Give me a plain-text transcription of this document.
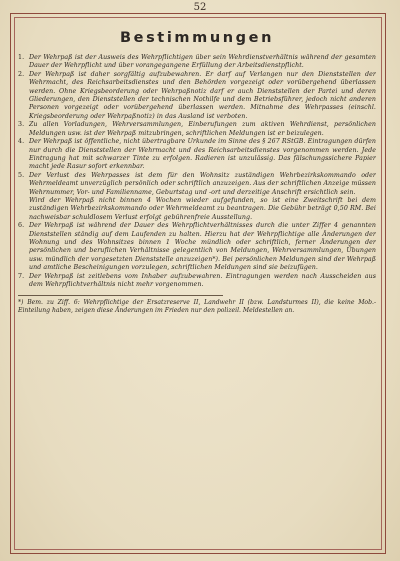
52
Bestimmungen
1. Der Wehrpaß ist der Ausweis des Wehrpflichtigen über sein Wehrdienstverhältnis während der gesamten Dauer der Wehrpflicht und über vorangegangene Erfüllung der Arbeitsdienstpflicht.

2. Der Wehrpaß ist daher sorgfältig aufzubewahren. Er darf auf Verlangen nur den Dienststellen der Wehrmacht, des Reichsarbeitsdienstes und den Behörden vorgezeigt oder vorübergehend überlassen werden. Ohne Kriegsbeorderung oder Wehrpaßnotiz darf er auch Dienststellen der Partei und deren Gliederungen, den Dienststellen der technischen Nothilfe und dem Betriebsführer, jedoch nicht anderen Personen vorgezeigt oder vorübergehend überlassen werden. Mitnahme des Wehrpasses (einschl. Kriegsbeorderung oder Wehrpaßnotiz) in das Ausland ist verboten.

3. Zu allen Vorladungen, Wehrversammlungen, Einberufungen zum aktiven Wehrdienst, persönlichen Meldungen usw. ist der Wehrpaß mitzubringen, schriftlichen Meldungen ist er beizulegen.

4. Der Wehrpaß ist öffentliche, nicht übertragbare Urkunde im Sinne des § 267 RStGB. Eintragungen dürfen nur durch die Dienststellen der Wehrmacht und des Reichsarbeitsdienstes vorgenommen werden. Jede Eintragung hat mit schwarzer Tinte zu erfolgen. Radieren ist unzulässig. Das fälschungssichere Papier macht jede Rasur sofort erkennbar.

5. Der Verlust des Wehrpasses ist dem für den Wohnsitz zuständigen Wehrbezirkskommando oder Wehrmeldeamt unverzüglich persönlich oder schriftlich anzuzeigen. Aus der schriftlichen Anzeige müssen Wehrnummer, Vor- und Familienname, Geburtstag und -ort und derzeitige Anschrift ersichtlich sein.

Wird der Wehrpaß nicht binnen 4 Wochen wieder aufgefunden, so ist eine Zweitschrift bei dem zuständigen Wehrbezirkskommando oder Wehrmeldeamt zu beantragen. Die Gebühr beträgt 0,50 RM. Bei nachweisbar schuldlosem Verlust erfolgt gebührenfreie Ausstellung.

6. Der Wehrpaß ist während der Dauer des Wehrpflichtverhältnisses durch die unter Ziffer 4 genannten Dienststellen ständig auf dem Laufenden zu halten. Hierzu hat der Wehrpflichtige alle Änderungen der Wohnung und des Wohnsitzes binnen 1 Woche mündlich oder schriftlich, ferner Änderungen der persönlichen und beruflichen Verhältnisse gelegentlich von Meldungen, Wehrversammlungen, Übungen usw. mündlich der vorgesetzten Dienststelle anzuzeigen*). Bei persönlichen Meldungen sind der Wehrpaß und amtliche Bescheinigungen vorzulegen, schriftlichen Meldungen sind sie beizufügen.

7. Der Wehrpaß ist zeitlebens vom Inhaber aufzubewahren. Eintragungen werden nach Ausscheiden aus dem Wehrpflichtverhältnis nicht mehr vorgenommen.

*) Bem. zu Ziff. 6: Wehrpflichtige der Ersatzreserve II, Landwehr II (bzw. Landsturmes II), die keine Mob.-Einteilung haben, zeigen diese Änderungen im Frieden nur den polizeil. Meldestellen an.
